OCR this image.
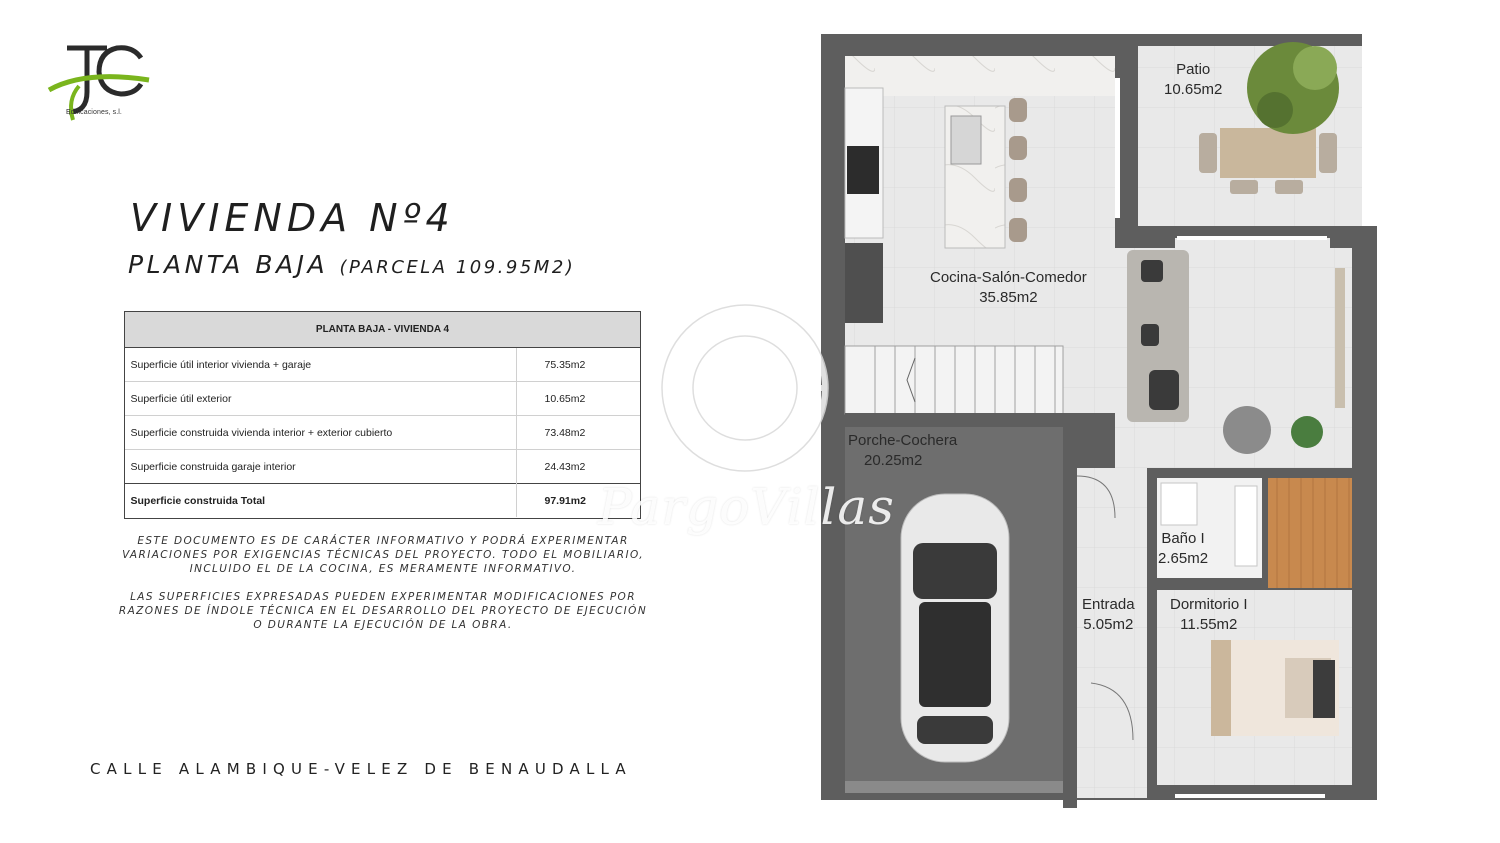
Edificaciones, s.l.
VIVIENDA Nº4
PLANTA BAJA (PARCELA 109.95M2)
PLANTA BAJA - VIVIENDA 4	
Superficie útil interior vivienda + garaje	75.35m2
Superficie útil exterior	10.65m2
Superficie construida vivienda interior + exterior cubierto	73.48m2
Superficie construida garaje interior	24.43m2
Superficie construida Total	97.91m2
ESTE DOCUMENTO ES DE CARÁCTER INFORMATIVO Y PODRÁ EXPERIMENTAR VARIACIONES POR EXIGENCIAS TÉCNICAS DEL PROYECTO. TODO EL MOBILIARIO, INCLUIDO EL DE LA COCINA, ES MERAMENTE INFORMATIVO.
LAS SUPERFICIES EXPRESADAS PUEDEN EXPERIMENTAR MODIFICACIONES POR RAZONES DE ÍNDOLE TÉCNICA EN EL DESARROLLO DEL PROYECTO DE EJECUCIÓN O DURANTE LA EJECUCIÓN DE LA OBRA.
CALLE ALAMBIQUE-VELEZ DE BENAUDALLA
Patio
10.65m2
Cocina-Salón-Comedor
35.85m2
Porche-Cochera
20.25m2
Baño I
2.65m2
Entrada
5.05m2
Dormitorio I
11.55m2
PargoVillas
